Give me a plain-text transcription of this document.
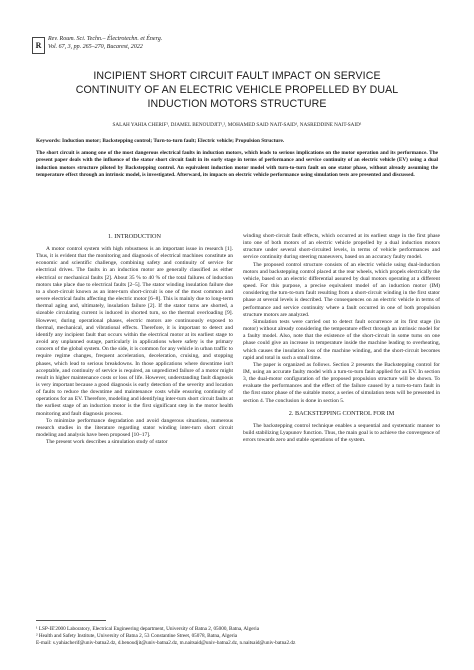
R
Rev. Roum. Sci. Techn.– Électrotechn. et Énerg.
Vol. 67, 3, pp. 265–270, Bucarest, 2022
INCIPIENT SHORT CIRCUIT FAULT IMPACT ON SERVICE
CONTINUITY OF AN ELECTRIC VEHICLE PROPELLED BY DUAL
INDUCTION MOTORS STRUCTURE
SALAH YAHIA CHERIF¹, DJAMEL BENOUDJIT¹,², MOHAMED SAID NAIT-SAID¹, NASREDDINE NAIT-SAID¹
Keywords: Induction motor; Backstepping control; Turn-to-turn fault; Electric vehicle; Propulsion Structure.
The short circuit is among one of the most dangerous electrical faults in induction motors, which leads to serious implications on the motor operation and its performance. The present paper deals with the influence of the stator short circuit fault in its early stage in terms of performance and service continuity of an electric vehicle (EV) using a dual induction motors structure piloted by Backstepping control. An equivalent induction motor model with turn-to-turn fault on one stator phase, without already assuming the temperature effect through an intrinsic model, is investigated. Afterward, its impacts on electric vehicle performance using simulation tests are presented and discussed.
1. INTRODUCTION

A motor control system with high robustness is an important issue in research [1]. Thus, it is evident that the monitoring and diagnosis of electrical machines constitute an economic and scientific challenge, combining safety and continuity of service for electrical drives. The faults in an induction motor are generally classified as either electrical or mechanical faults [2]. About 35 % to 40 % of the total failures of induction motors take place due to electrical faults [2–5]. The stator winding insulation failure due to a short-circuit known as an inter-turn short-circuit is one of the most common and severe electrical faults affecting the electric motor [6–8]. This is mainly due to long-term thermal aging and, ultimately, insulation failure [2]. If the stator turns are shorted, a sizeable circulating current is induced in shorted turn, so the thermal overloading [9]. However, during operational phases, electric motors are continuously exposed to thermal, mechanical, and vibrational effects. Therefore, it is important to detect and identify any incipient fault that occurs within the electrical motor at its earliest stage to avoid any unplanned outage, particularly in applications where safety is the primary concern of the global system. On the side, it is common for any vehicle in urban traffic to require regime changes, frequent acceleration, deceleration, cruising, and stopping phases, which lead to serious breakdowns. In those applications where downtime isn't acceptable, and continuity of service is required, an unpredicted failure of a motor might result in higher maintenance costs or loss of life. However, understanding fault diagnosis is very important because a good diagnosis is early detection of the severity and location of faults to reduce the downtime and maintenance costs while ensuring continuity of operations for an EV. Therefore, modeling and identifying inter-turn short circuit faults at the earliest stage of an induction motor is the first significant step in the motor health monitoring and fault diagnosis process.

To minimize performance degradation and avoid dangerous situations, numerous research studies in the literature regarding stator winding inter-turn short circuit modeling and analysis have been proposed [10–17].

The present work describes a simulation study of stator

winding short-circuit fault effects, which occurred at its earliest stage in the first phase into one of both motors of an electric vehicle propelled by a dual induction motors structure under several short-circuited levels, in terms of vehicle performances and service continuity during steering maneuvers, based on an accuracy faulty model.

The proposed control structure consists of an electric vehicle using dual-induction motors and backstepping control placed at the rear wheels, which propels electrically the vehicle, based on an electric differential assured by dual motors operating at a different speed. For this purpose, a precise equivalent model of an induction motor (IM) considering the turn-to-turn fault resulting from a short-circuit winding in the first stator phase at several levels is described. The consequences on an electric vehicle in terms of performance and service continuity where a fault occurred in one of both propulsion structure motors are analyzed.

Simulation tests were carried out to detect fault occurrence at its first stage (in motor) without already considering the temperature effect through an intrinsic model for a faulty model. Also, note that the existence of the short-circuit in some turns on one phase could give an increase in temperature inside the machine leading to overheating, which causes the insulation loss of the machine winding, and the short-circuit becomes rapid and total in such a small time.

The paper is organized as follows. Section 2 presents the Backstepping control for IM, using an accurate faulty model with a turn-to-turn fault applied for an EV. In section 3, the dual-motor configuration of the proposed propulsion structure will be shown. To evaluate the performances and the effect of the failure caused by a turn-to-turn fault in the first stator phase of the suitable motor, a series of simulation tests will be presented in section 4. The conclusion is done in section 5.

2. BACKSTEPPING CONTROL FOR IM

The backstepping control technique enables a sequential and systematic manner to build stabilizing Lyapunov function. Thus, the main goal is to achieve the convergence of errors towards zero and stable operations of the system.

¹ LSP-IE'2000 Laboratory, Electrical Engineering department, University of Batna 2, 05000, Batna, Algeria
² Health and Safety Institute, University of Batna 2, 53 Constantine Street, 05078, Batna, Algeria
E-mail: s.yahiacherif@univ-batna2.dz, d.benoudjit@univ-batna2.dz, m.naitsaid@univ-batna2.dz, n.naitsaid@univ-batna2.dz
